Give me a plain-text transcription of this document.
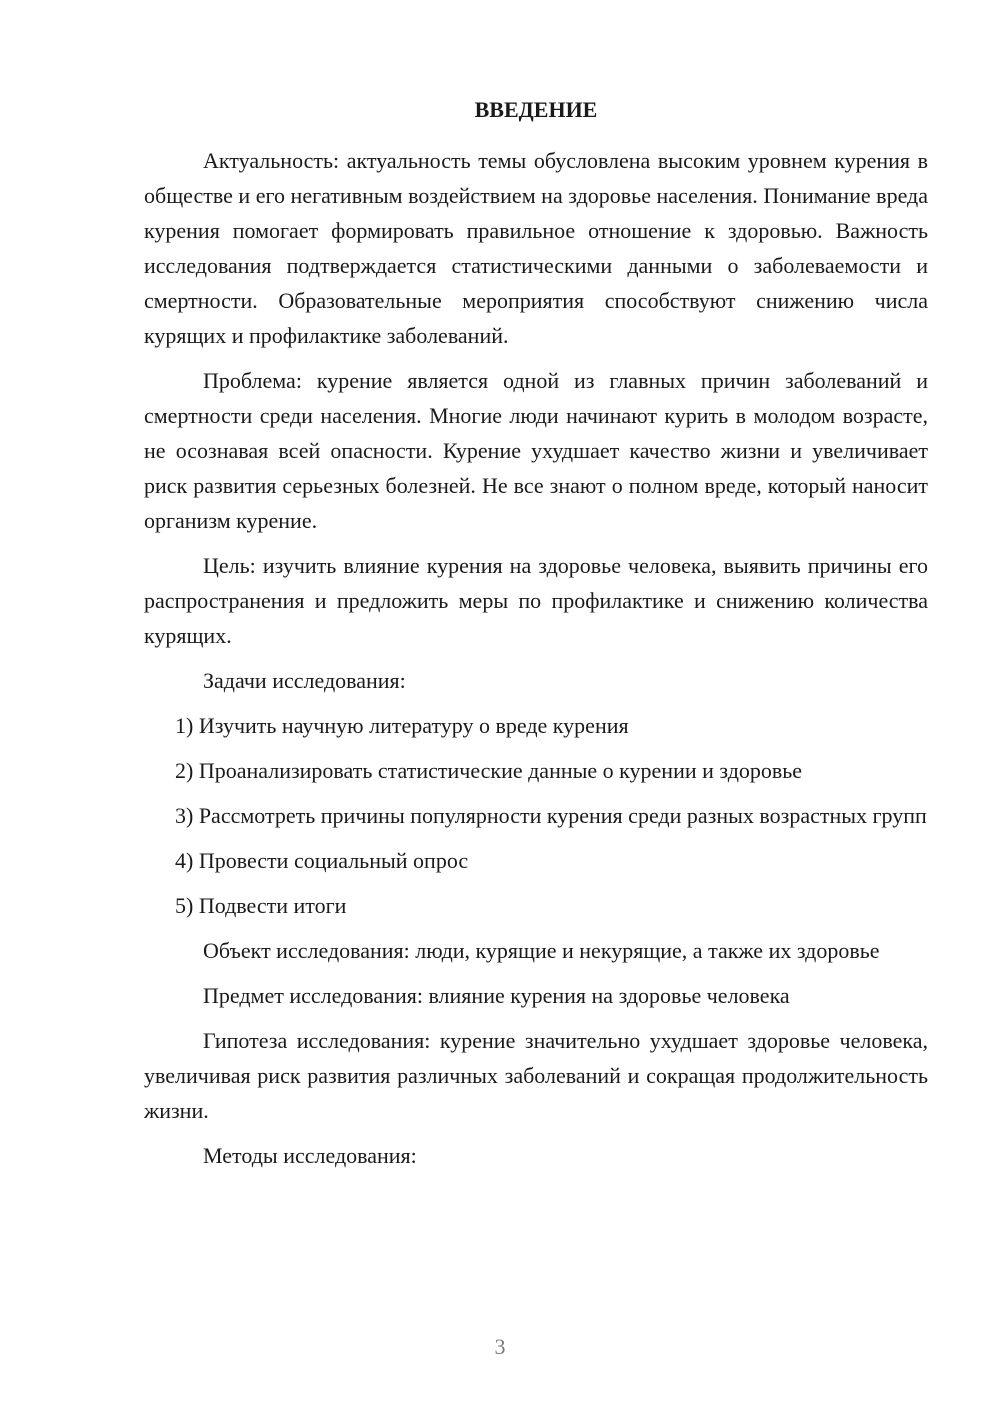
ВВЕДЕНИЕ

Актуальность: актуальность темы обусловлена высоким уровнем курения в обществе и его негативным воздействием на здоровье населения. Понимание вреда курения помогает формировать правильное отношение к здоровью. Важность исследования подтверждается статистическими данными о заболеваемости и смертности. Образовательные мероприятия способствуют снижению числа курящих и профилактике заболеваний.

Проблема: курение является одной из главных причин заболеваний и смертности среди населения. Многие люди начинают курить в молодом возрасте, не осознавая всей опасности. Курение ухудшает качество жизни и увеличивает риск развития серьезных болезней. Не все знают о полном вреде, который наносит организм курение.

Цель: изучить влияние курения на здоровье человека, выявить причины его распространения и предложить меры по профилактике и снижению количества курящих.

Задачи исследования:

1) Изучить научную литературу о вреде курения

2) Проанализировать статистические данные о курении и здоровье

3) Рассмотреть причины популярности курения среди разных возрастных групп

4) Провести социальный опрос

5) Подвести итоги

Объект исследования: люди, курящие и некурящие, а также их здоровье

Предмет исследования: влияние курения на здоровье человека

Гипотеза исследования: курение значительно ухудшает здоровье человека, увеличивая риск развития различных заболеваний и сокращая продолжительность жизни.

Методы исследования:

3
